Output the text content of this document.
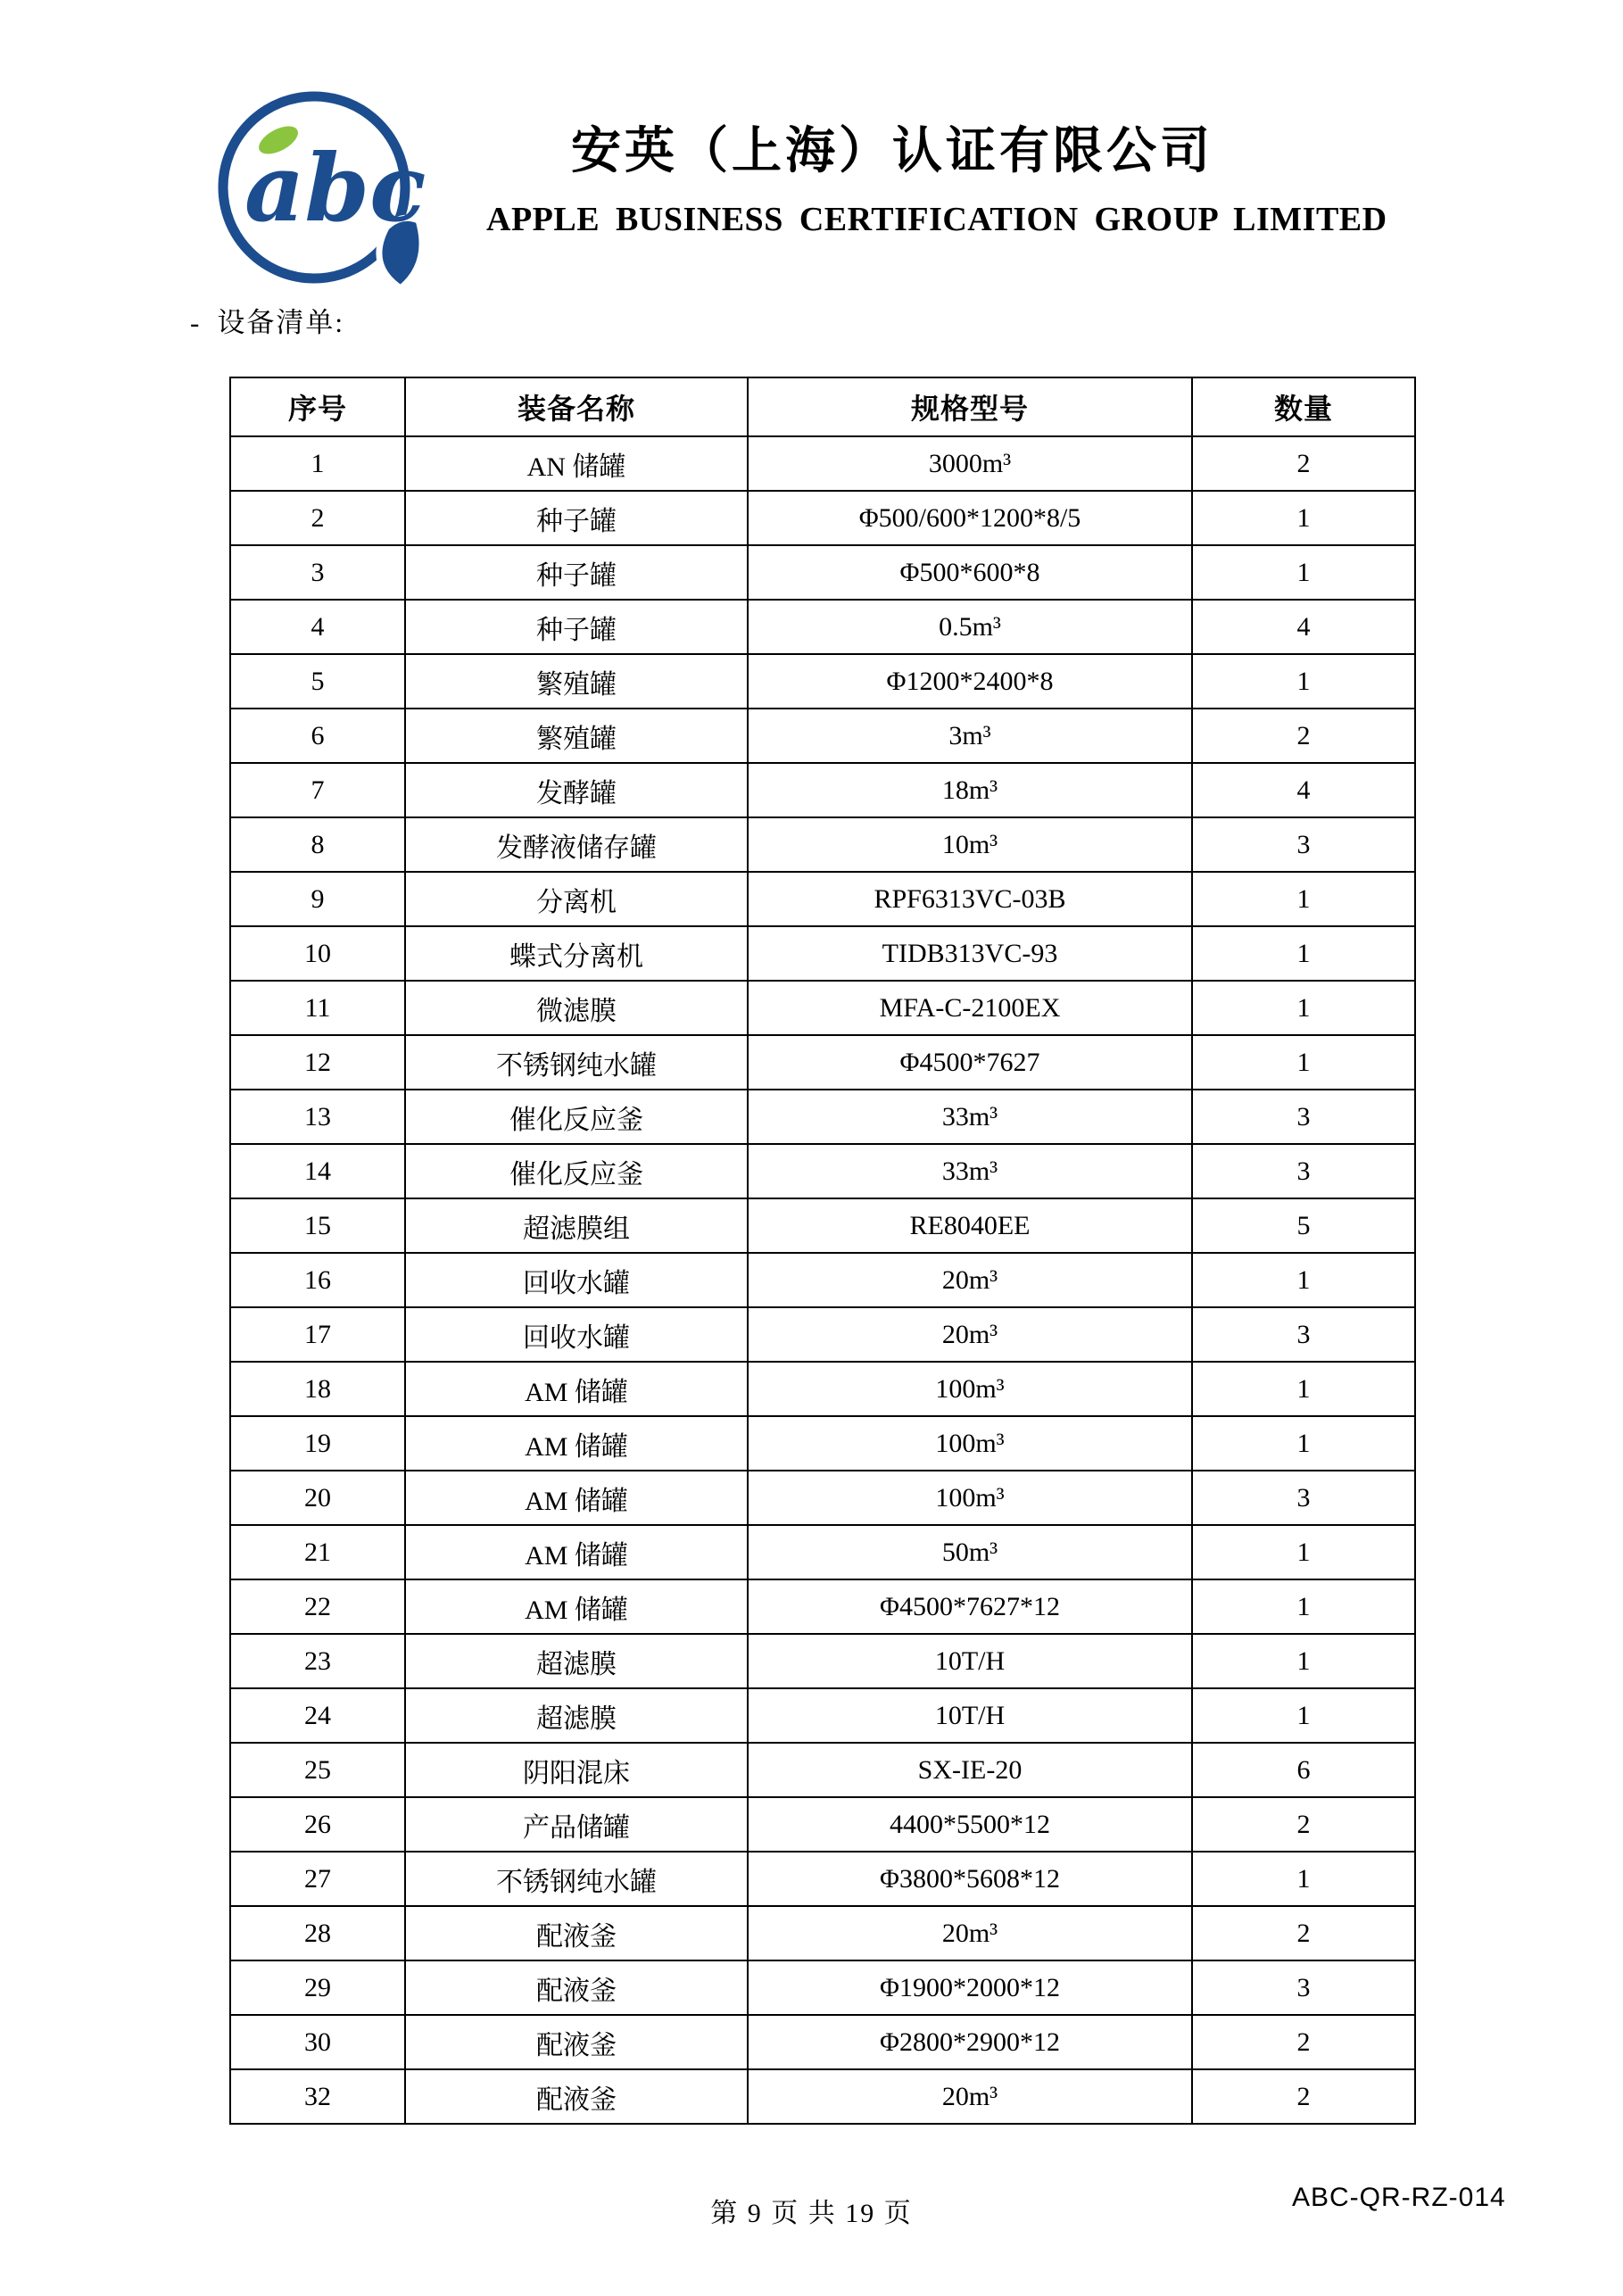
abc	安英（上海）认证有限公司
APPLE BUSINESS CERTIFICATION GROUP LIMITED
- 设备清单:
序号	装备名称	规格型号	数量
1	AN 储罐	3000m³	2
2	种子罐	Φ500/600*1200*8/5	1
3	种子罐	Φ500*600*8	1
4	种子罐	0.5m³	4
5	繁殖罐	Φ1200*2400*8	1
6	繁殖罐	3m³	2
7	发酵罐	18m³	4
8	发酵液储存罐	10m³	3
9	分离机	RPF6313VC-03B	1
10	蝶式分离机	TIDB313VC-93	1
11	微滤膜	MFA-C-2100EX	1
12	不锈钢纯水罐	Φ4500*7627	1
13	催化反应釜	33m³	3
14	催化反应釜	33m³	3
15	超滤膜组	RE8040EE	5
16	回收水罐	20m³	1
17	回收水罐	20m³	3
18	AM 储罐	100m³	1
19	AM 储罐	100m³	1
20	AM 储罐	100m³	3
21	AM 储罐	50m³	1
22	AM 储罐	Φ4500*7627*12	1
23	超滤膜	10T/H	1
24	超滤膜	10T/H	1
25	阴阳混床	SX-IE-20	6
26	产品储罐	4400*5500*12	2
27	不锈钢纯水罐	Φ3800*5608*12	1
28	配液釜	20m³	2
29	配液釜	Φ1900*2000*12	3
30	配液釜	Φ2800*2900*12	2
32	配液釜	20m³	2
第 9 页 共 19 页
ABC-QR-RZ-014
